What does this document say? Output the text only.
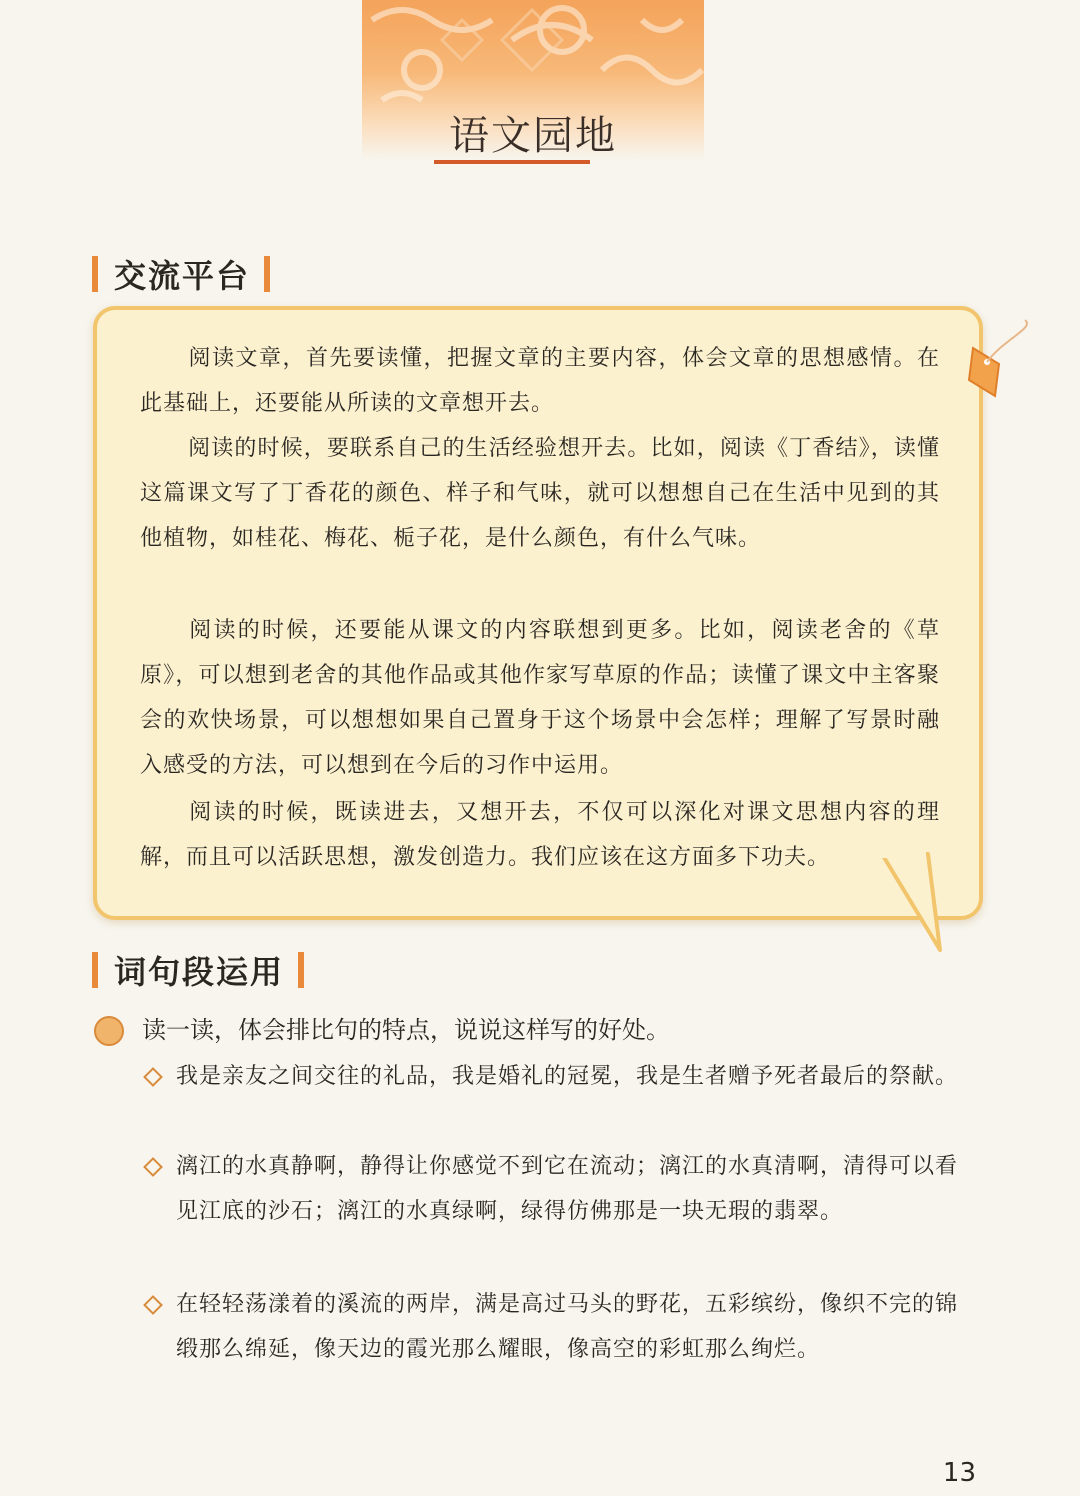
语文园地
交流平台
阅读文章，首先要读懂，把握文章的主要内容，体会文章的思想感情。在此基础上，还要能从所读的文章想开去。
阅读的时候，要联系自己的生活经验想开去。比如，阅读《丁香结》，读懂这篇课文写了丁香花的颜色、样子和气味，就可以想想自己在生活中见到的其他植物，如桂花、梅花、栀子花，是什么颜色，有什么气味。
阅读的时候，还要能从课文的内容联想到更多。比如，阅读老舍的《草原》，可以想到老舍的其他作品或其他作家写草原的作品；读懂了课文中主客聚会的欢快场景，可以想想如果自己置身于这个场景中会怎样；理解了写景时融入感受的方法，可以想到在今后的习作中运用。
阅读的时候，既读进去，又想开去，不仅可以深化对课文思想内容的理解，而且可以活跃思想，激发创造力。我们应该在这方面多下功夫。
词句段运用
读一读，体会排比句的特点，说说这样写的好处。
我是亲友之间交往的礼品，我是婚礼的冠冕，我是生者赠予死者最后的祭献。
漓江的水真静啊，静得让你感觉不到它在流动；漓江的水真清啊，清得可以看见江底的沙石；漓江的水真绿啊，绿得仿佛那是一块无瑕的翡翠。
在轻轻荡漾着的溪流的两岸，满是高过马头的野花，五彩缤纷，像织不完的锦缎那么绵延，像天边的霞光那么耀眼，像高空的彩虹那么绚烂。
13
